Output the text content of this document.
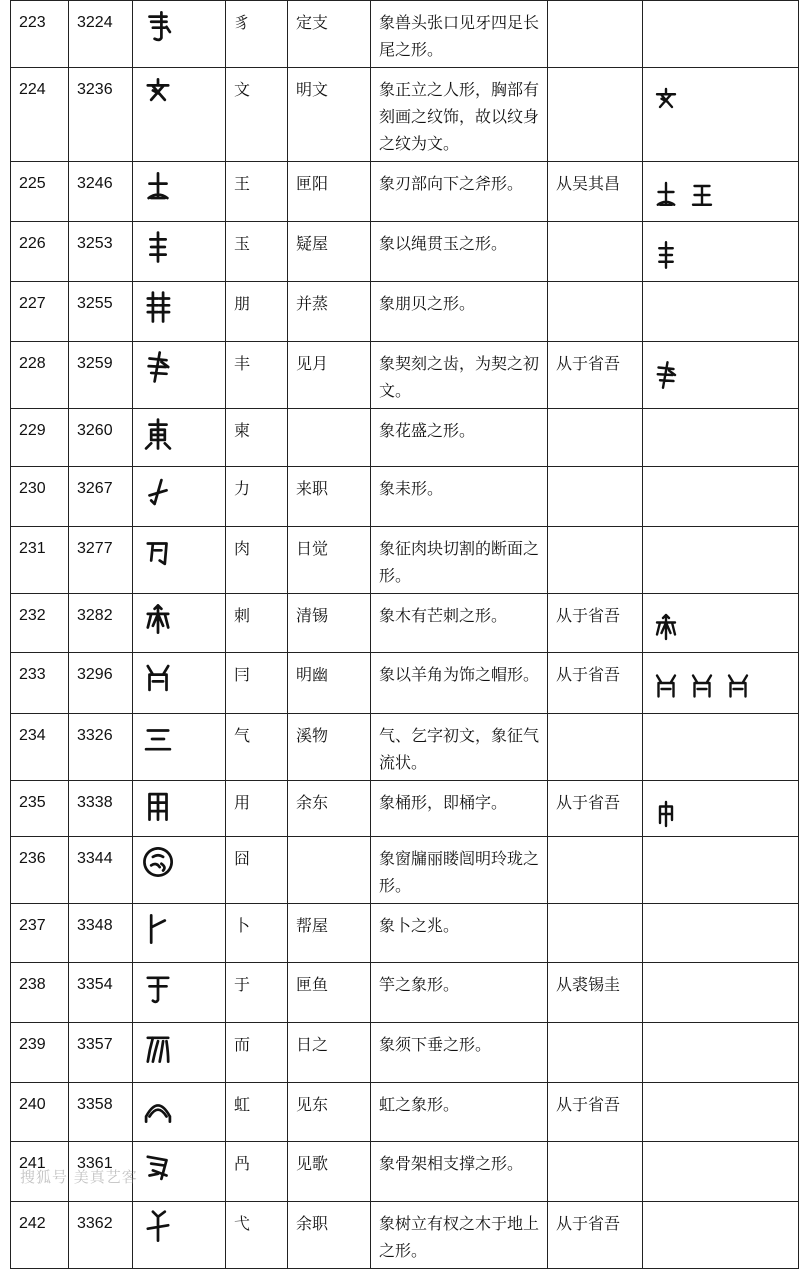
223	3224		豸	定支	象兽头张口见牙四足长尾之形。		

224	3236		文	明文	象正立之人形，胸部有刻画之纹饰，故以纹身之纹为文。		

225	3246		王	匣阳	象刃部向下之斧形。	从吴其昌	

226	3253		玉	疑屋	象以绳贯玉之形。		

227	3255		朋	并蒸	象朋贝之形。		

228	3259		丰	见月	象契刻之齿，为契之初文。	从于省吾	

229	3260		柬		象花盛之形。		

230	3267		力	来职	象耒形。		

231	3277		肉	日觉	象征肉块切割的断面之形。		

232	3282		刺	清锡	象木有芒刺之形。	从于省吾	

233	3296		冃	明幽	象以羊角为饰之帽形。	从于省吾	

234	3326		气	溪物	气、乞字初文，象征气流状。		

235	3338		用	余东	象桶形，即桶字。	从于省吾	

236	3344		囧		象窗牖丽䁖闿明玲珑之形。		

237	3348		卜	帮屋	象卜之兆。		

238	3354		于	匣鱼	竽之象形。	从裘锡圭	

239	3357		而	日之	象须下垂之形。		

240	3358		虹	见东	虹之象形。	从于省吾	

241	3361		冎	见歌	象骨架相支撑之形。		

242	3362		弋	余职	象树立有杈之木于地上之形。	从于省吾	
搜狐号 美真艺客
